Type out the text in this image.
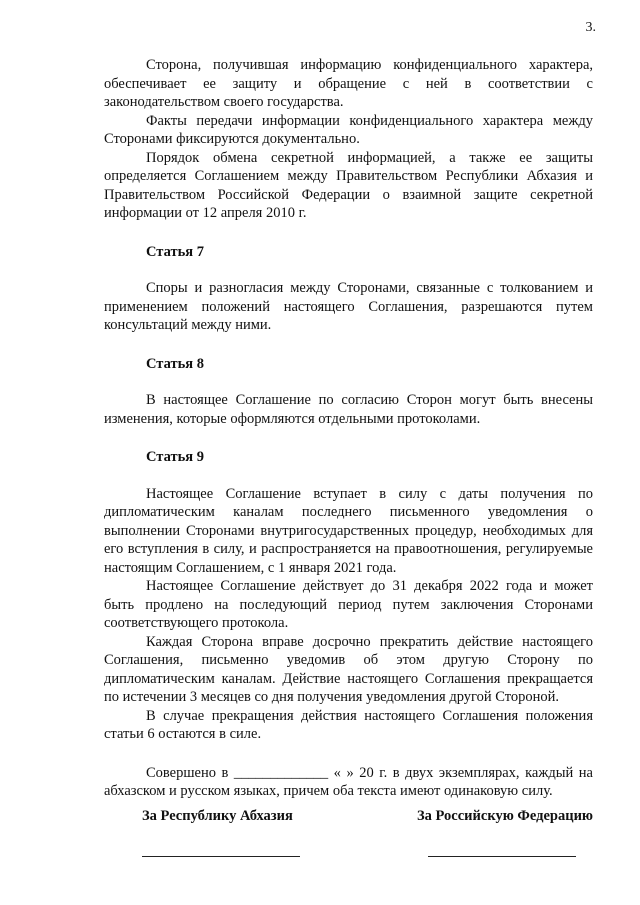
3.

Сторона, получившая информацию конфиденциального характера, обеспечивает ее защиту и обращение с ней в соответствии с законодательством своего государства.

Факты передачи информации конфиденциального характера между Сторонами фиксируются документально.

Порядок обмена секретной информацией, а также ее защиты определяется Соглашением между Правительством Республики Абхазия и Правительством Российской Федерации о взаимной защите секретной информации от 12 апреля 2010 г.

Статья 7

Споры и разногласия между Сторонами, связанные с толкованием и применением положений настоящего Соглашения, разрешаются путем консультаций между ними.

Статья 8

В настоящее Соглашение по согласию Сторон могут быть внесены изменения, которые оформляются отдельными протоколами.

Статья 9

Настоящее Соглашение вступает в силу с даты получения по дипломатическим каналам последнего письменного уведомления о выполнении Сторонами внутригосударственных процедур, необходимых для его вступления в силу, и распространяется на правоотношения, регулируемые настоящим Соглашением, с 1 января 2021 года.

Настоящее Соглашение действует до 31 декабря 2022 года и может быть продлено на последующий период путем заключения Сторонами соответствующего протокола.

Каждая Сторона вправе досрочно прекратить действие настоящего Соглашения, письменно уведомив об этом другую Сторону по дипломатическим каналам. Действие настоящего Соглашения прекращается по истечении 3 месяцев со дня получения уведомления другой Стороной.

В случае прекращения действия настоящего Соглашения положения статьи 6 остаются в силе.

Совершено в _____________ « » 20 г. в двух экземплярах, каждый на абхазском и русском языках, причем оба текста имеют одинаковую силу.

За Республику Абхазия	За Российскую Федерацию
